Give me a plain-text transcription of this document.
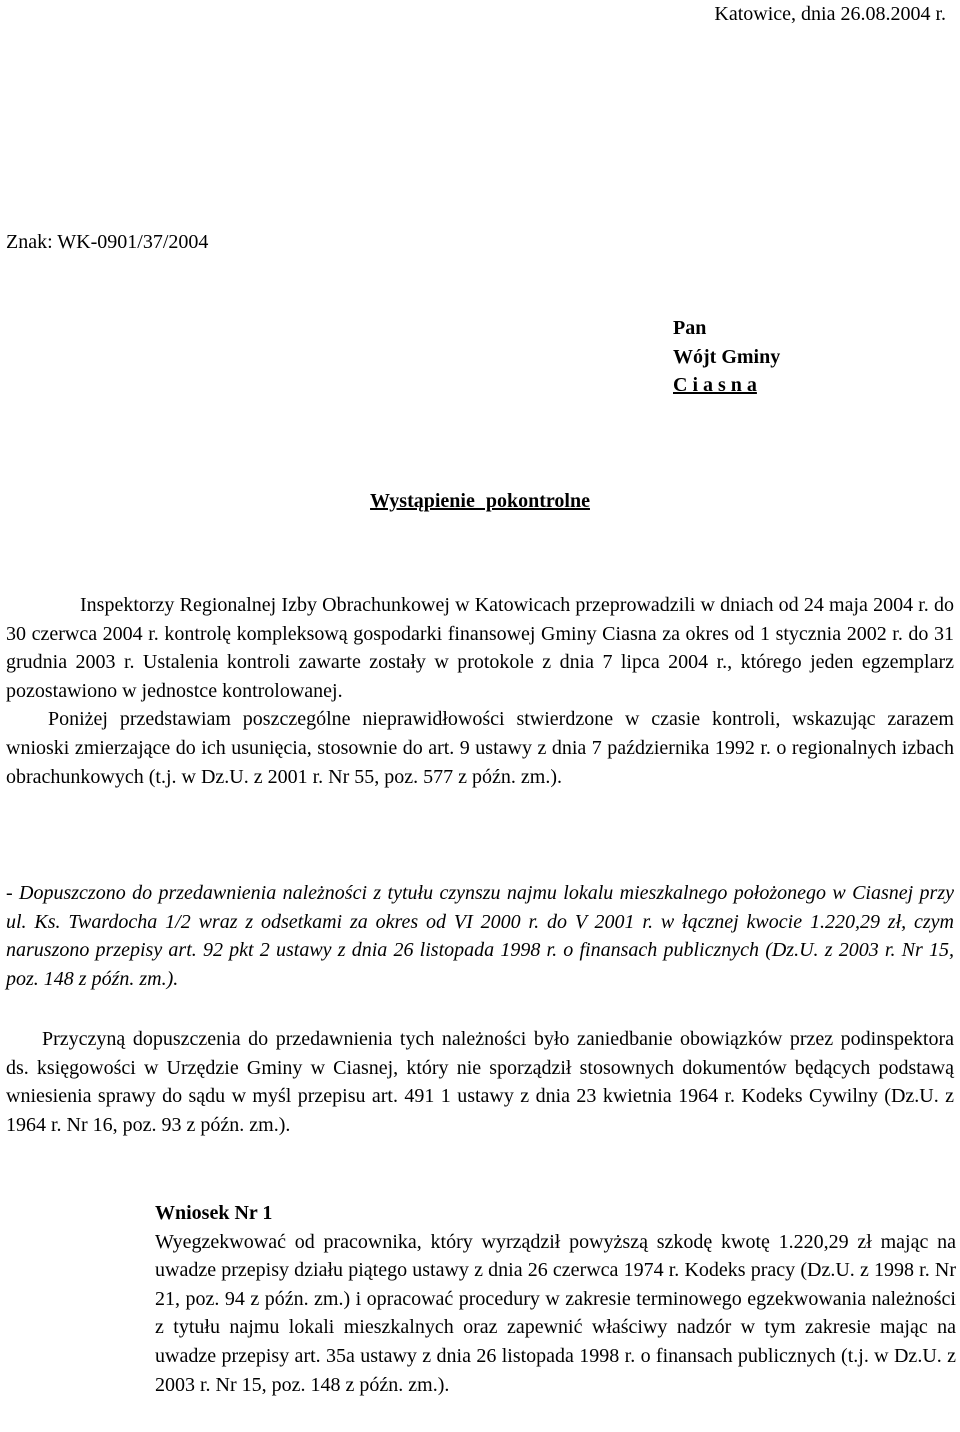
Katowice, dnia 26.08.2004 r.
Znak: WK-0901/37/2004
Pan
Wójt Gminy
C i a s n a
Wystąpienie pokontrolne
Inspektorzy Regionalnej Izby Obrachunkowej w Katowicach przeprowadzili w dniach od 24 maja 2004 r. do 30 czerwca 2004 r. kontrolę kompleksową gospodarki finansowej Gminy Ciasna za okres od 1 stycznia 2002 r. do 31 grudnia 2003 r. Ustalenia kontroli zawarte zostały w protokole z dnia 7 lipca 2004 r., którego jeden egzemplarz pozostawiono w jednostce kontrolowanej.
Poniżej przedstawiam poszczególne nieprawidłowości stwierdzone w czasie kontroli, wskazując zarazem wnioski zmierzające do ich usunięcia, stosownie do art. 9 ustawy z dnia 7 października 1992 r. o regionalnych izbach obrachunkowych (t.j. w Dz.U. z 2001 r. Nr 55, poz. 577 z późn. zm.).
- Dopuszczono do przedawnienia należności z tytułu czynszu najmu lokalu mieszkalnego położonego w Ciasnej przy ul. Ks. Twardocha 1/2 wraz z odsetkami za okres od VI 2000 r. do V 2001 r. w łącznej kwocie 1.220,29 zł, czym naruszono przepisy art. 92 pkt 2 ustawy z dnia 26 listopada 1998 r. o finansach publicznych (Dz.U. z 2003 r. Nr 15, poz. 148 z późn. zm.).
Przyczyną dopuszczenia do przedawnienia tych należności było zaniedbanie obowiązków przez podinspektora ds. księgowości w Urzędzie Gminy w Ciasnej, który nie sporządził stosownych dokumentów będących podstawą wniesienia sprawy do sądu w myśl przepisu art. 491 1 ustawy z dnia 23 kwietnia 1964 r. Kodeks Cywilny (Dz.U. z 1964 r. Nr 16, poz. 93 z późn. zm.).
Wniosek Nr 1
Wyegzekwować od pracownika, który wyrządził powyższą szkodę kwotę 1.220,29 zł mając na uwadze przepisy działu piątego ustawy z dnia 26 czerwca 1974 r. Kodeks pracy (Dz.U. z 1998 r. Nr 21, poz. 94 z późn. zm.) i opracować procedury w zakresie terminowego egzekwowania należności z tytułu najmu lokali mieszkalnych oraz zapewnić właściwy nadzór w tym zakresie mając na uwadze przepisy art. 35a ustawy z dnia 26 listopada 1998 r. o finansach publicznych (t.j. w Dz.U. z 2003 r. Nr 15, poz. 148 z późn. zm.).
